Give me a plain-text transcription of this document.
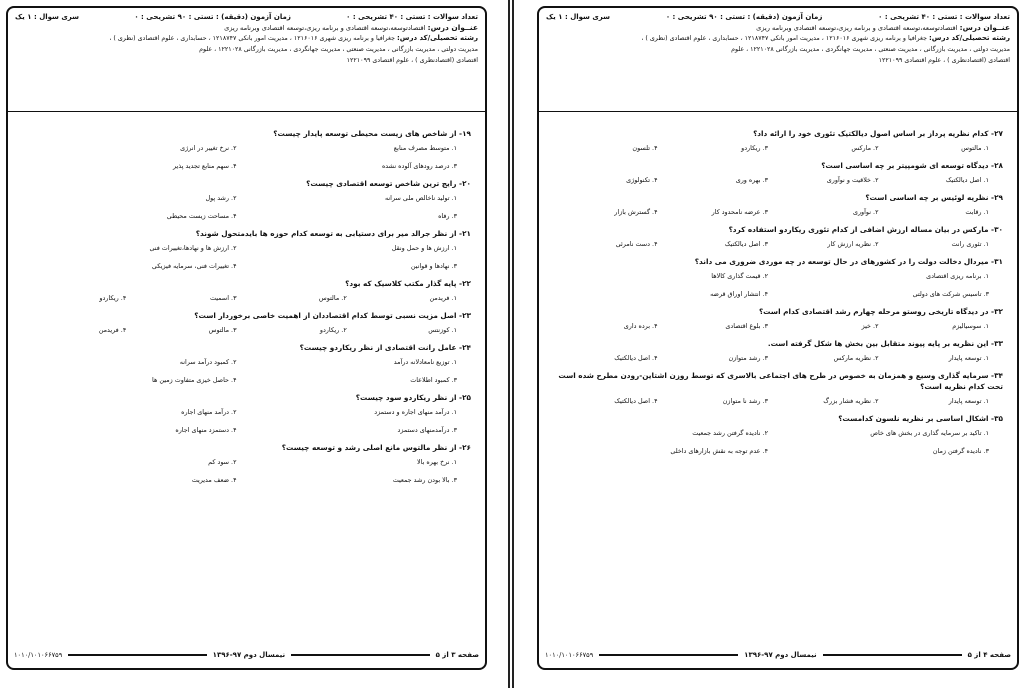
تعداد سوالات : تستی : ۴۰ تشریحی : ۰
زمان آزمون (دقیقه) : تستی : ۹۰ تشریحی : ۰
سری سوال : ۱ یک
عنــوان درس: اقتصادتوسعه،توسعه اقتصادی و برنامه ریزی،توسعه اقتصادی وبرنامه ریزی
رشته تحصیلی/کد درس: جغرافیا و برنامه ریزی شهری ۱۲۱۶۰۱۶ ، مدیریت امور بانکی ۱۲۱۸۷۴۷ ، حسابداری ، علوم اقتصادی (نظری ) ،
مدیریت دولتی ، مدیریت بازرگانی ، مدیریت صنعتی ، مدیریت جهانگردی ، مدیریت بازرگانی ۱۲۲۱۰۲۸ ، علوم
اقتصادی (اقتصادنظری ) ، علوم اقتصادی ۱۲۲۱۰۹۹
۱۹- از شاخص های زیست محیطی توسعه پایدار چیست؟
۱. متوسط مصرف منابع
۲. نرخ تغییر در انرژی
۳. درصد رودهای آلوده نشده
۴. سهم منابع تجدید پذیر
۲۰- رایج ترین شاخص توسعه اقتصادی چیست؟
۱. تولید ناخالص ملی سرانه
۲. رشد پول
۳. رفاه
۴. مساحت زیست محیطی
۲۱- از نظر جرالد میر برای دستیابی به توسعه کدام حوزه ها بایدمتحول شوند؟
۱. ارزش ها و حمل ونقل
۲. ارزش ها و نهادها،تغییرات فنی
۳. نهادها و قوانین
۴. تغییرات فنی، سرمایه فیزیکی
۲۲- پایه گذار مکتب کلاسیک که بود؟
۱. فریدمن
۲. مالتوس
۳. اسمیت
۴. ریکاردو
۲۳- اصل مزیت نسبی توسط کدام اقتصاددان از اهمیت خاصی برخوردار است؟
۱. کوزنتس
۲. ریکاردو
۳. مالتوس
۴. فریدمن
۲۴- عامل رانت اقتصادی از نظر ریکاردو چیست؟
۱. توزیع نامعادلانه درآمد
۲. کمبود درآمد سرانه
۳. کمبود اطلاعات
۴. حاصل خیزی متفاوت زمین ها
۲۵- از نظر ریکاردو سود چیست؟
۱. درآمد منهای اجاره و دستمزد
۲. درآمد منهای اجاره
۳. درآمدمنهای دستمزد
۴. دستمزد منهای اجاره
۲۶- از نظر مالتوس مانع اصلی رشد و توسعه چیست؟
۱. نرخ بهره بالا
۲. سود کم
۳. بالا بودن رشد جمعیت
۴. ضعف مدیریت
صفحه ۳ از ۵
نیمسال دوم ۹۷-۱۳۹۶
۱۰۱۰/۱۰۱۰۶۶۷۵۹
تعداد سوالات : تستی : ۴۰ تشریحی : ۰
زمان آزمون (دقیقه) : تستی : ۹۰ تشریحی : ۰
سری سوال : ۱ یک
عنــوان درس: اقتصادتوسعه،توسعه اقتصادی و برنامه ریزی،توسعه اقتصادی وبرنامه ریزی
رشته تحصیلی/کد درس: جغرافیا و برنامه ریزی شهری ۱۲۱۶۰۱۶ ، مدیریت امور بانکی ۱۲۱۸۷۴۷ ، حسابداری ، علوم اقتصادی (نظری ) ،
مدیریت دولتی ، مدیریت بازرگانی ، مدیریت صنعتی ، مدیریت جهانگردی ، مدیریت بازرگانی ۱۲۲۱۰۲۸ ، علوم
اقتصادی (اقتصادنظری ) ، علوم اقتصادی ۱۲۲۱۰۹۹
۲۷- کدام نظریه پرداز بر اساس اصول دیالکتیک تئوری خود را ارائه داد؟
۱. مالتوس
۲. مارکس
۳. ریکاردو
۴. تلسون
۲۸- دیدگاه توسعه ای شومپیتر بر چه اساسی است؟
۱. اصل دیالکتیک
۲. خلاقیت و نوآوری
۳. بهره وری
۴. تکنولوژی
۲۹- نظریه لوئیس بر چه اساسی است؟
۱. رقابت
۲. نوآوری
۳. عرضه نامحدود کار
۴. گسترش بازار
۳۰- مارکس در بیان مساله ارزش اضافی از کدام تئوری ریکاردو استفاده کرد؟
۱. تئوری رانت
۲. نظریه ارزش کار
۳. اصل دیالکتیک
۴. دست نامرئی
۳۱- میردال دخالت دولت را در کشورهای در حال توسعه در چه موردی ضروری می داند؟
۱. برنامه ریزی اقتصادی
۲. قیمت گذاری کالاها
۳. تاسیس شرکت های دولتی
۴. انتشار اوراق قرضه
۳۲- در دیدگاه تاریخی روستو مرحله چهارم رشد اقتصادی کدام است؟
۱. سوسیالیزم
۲. خیز
۳. بلوغ اقتصادی
۴. برده داری
۳۳- این نظریه بر پایه پیوند متقابل بین بخش ها شکل گرفته است.
۱. توسعه پایدار
۲. نظریه مارکس
۳. رشد متوازن
۴. اصل دیالکتیک
۳۴- سرمایه گذاری وسیع و همزمان به خصوص در طرح های اجتماعی بالاسری که توسط روزن اشتاین-رودن مطرح شده است تحت کدام نظریه است؟
۱. توسعه پایدار
۲. نظریه فشار بزرگ
۳. رشد نا متوازن
۴. اصل دیالکتیک
۳۵- اشکال اساسی بر نظریه نلسون کدامست؟
۱. تاکید بر سرمایه گذاری در بخش های خاص
۲. نادیده گرفتن رشد جمعیت
۳. نادیده گرفتن زمان
۴. عدم توجه به نقش بازارهای داخلی
صفحه ۴ از ۵
نیمسال دوم ۹۷-۱۳۹۶
۱۰۱۰/۱۰۱۰۶۶۷۵۹
